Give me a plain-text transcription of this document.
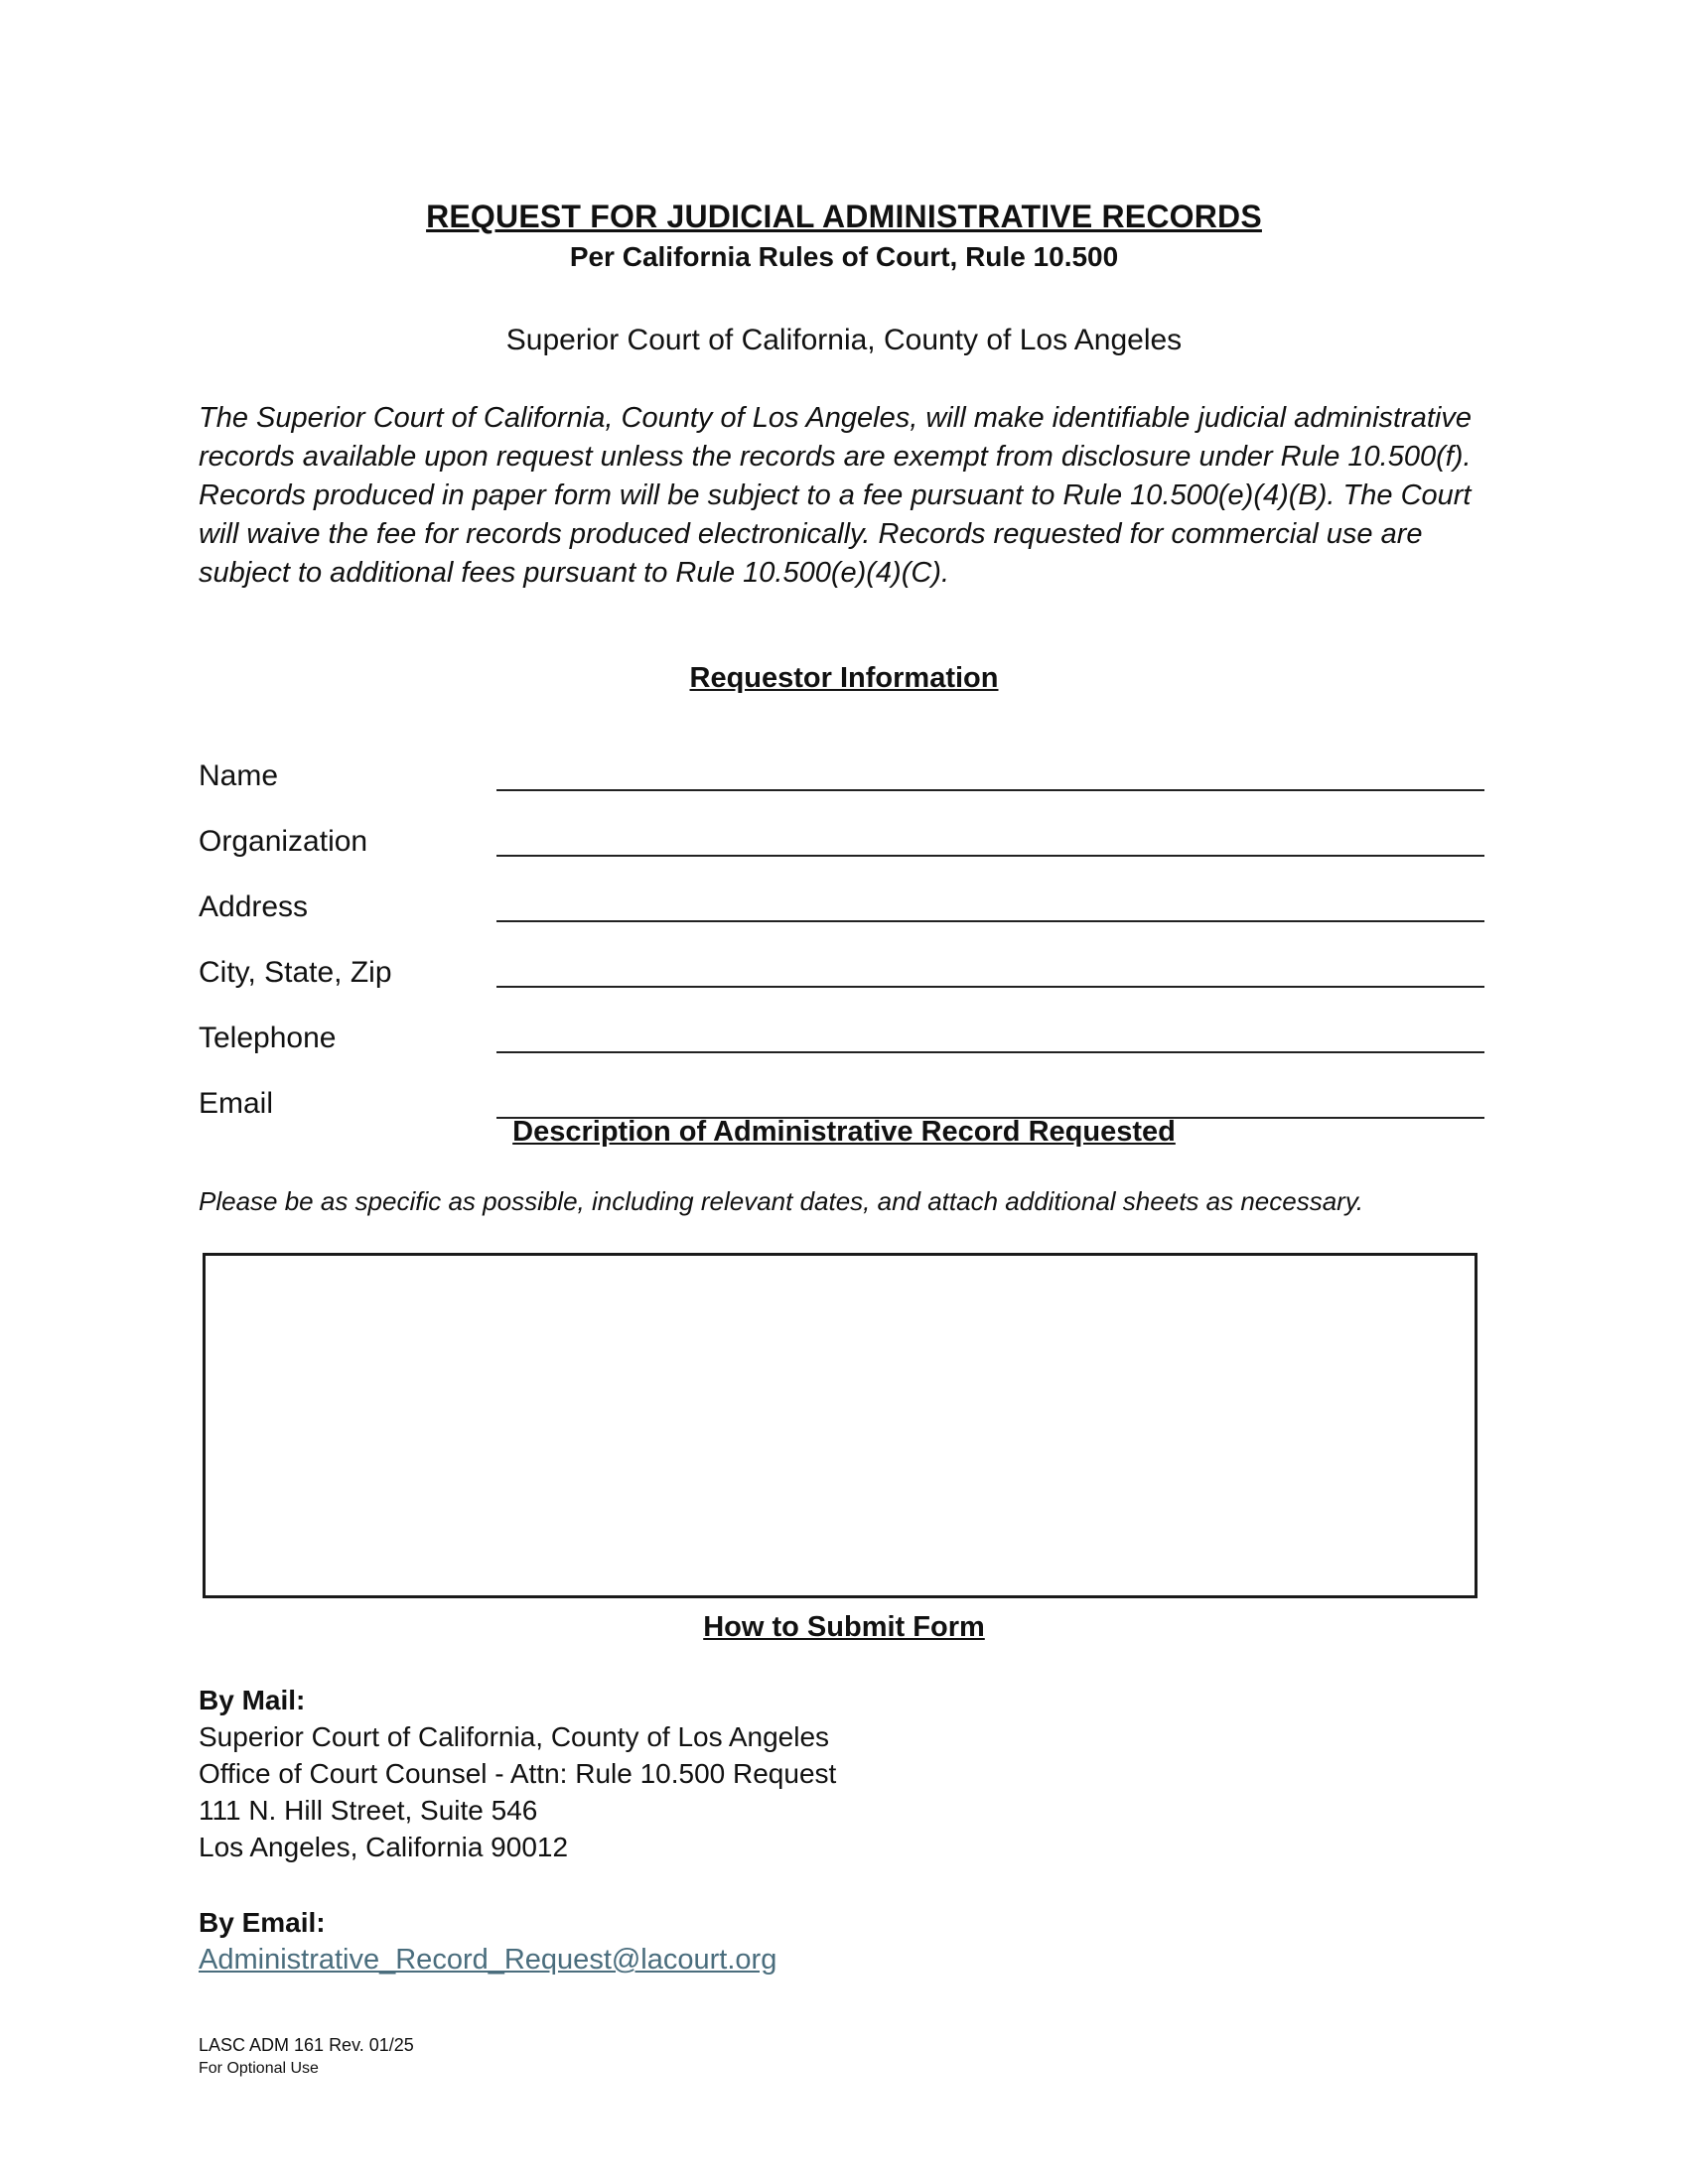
REQUEST FOR JUDICIAL ADMINISTRATIVE RECORDS
Per California Rules of Court, Rule 10.500
Superior Court of California, County of Los Angeles

The Superior Court of California, County of Los Angeles, will make identifiable judicial administrative records available upon request unless the records are exempt from disclosure under Rule 10.500(f). Records produced in paper form will be subject to a fee pursuant to Rule 10.500(e)(4)(B). The Court will waive the fee for records produced electronically. Records requested for commercial use are subject to additional fees pursuant to Rule 10.500(e)(4)(C).

Requestor Information
Name
Organization
Address
City, State, Zip
Telephone
Email
Description of Administrative Record Requested

Please be as specific as possible, including relevant dates, and attach additional sheets as necessary.

How to Submit Form
By Mail:
Superior Court of California, County of Los Angeles
Office of Court Counsel - Attn: Rule 10.500 Request
111 N. Hill Street, Suite 546
Los Angeles, California 90012
By Email:
Administrative_Record_Request@lacourt.org
LASC ADM 161 Rev. 01/25
For Optional Use
